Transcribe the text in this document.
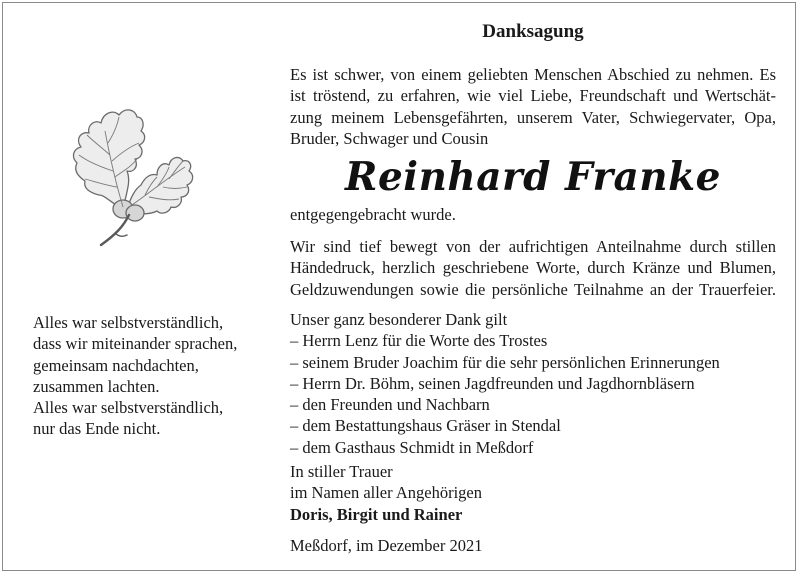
Alles war selbstverständlich,
dass wir miteinander sprachen,
gemeinsam nachdachten,
zusammen lachten.
Alles war selbstverständlich,
nur das Ende nicht.
Danksagung
Es ist schwer, von einem geliebten Menschen Abschied zu nehmen. Es
ist tröstend, zu erfahren, wie viel Liebe, Freundschaft und Wertschät-
zung meinem Lebensgefährten, unserem Vater, Schwiegervater, Opa,
Bruder, Schwager und Cousin
Reinhard Franke
entgegengebracht wurde.
Wir sind tief bewegt von der aufrichtigen Anteilnahme durch stillen
Händedruck, herzlich geschriebene Worte, durch Kränze und Blumen,
Geldzuwendungen sowie die persönliche Teilnahme an der Trauerfeier.
Unser ganz besonderer Dank gilt
– Herrn Lenz für die Worte des Trostes
– seinem Bruder Joachim für die sehr persönlichen Erinnerungen
– Herrn Dr. Böhm, seinen Jagdfreunden und Jagdhornbläsern
– den Freunden und Nachbarn
– dem Bestattungshaus Gräser in Stendal
– dem Gasthaus Schmidt in Meßdorf
In stiller Trauer
im Namen aller Angehörigen
Doris, Birgit und Rainer
Meßdorf, im Dezember 2021
